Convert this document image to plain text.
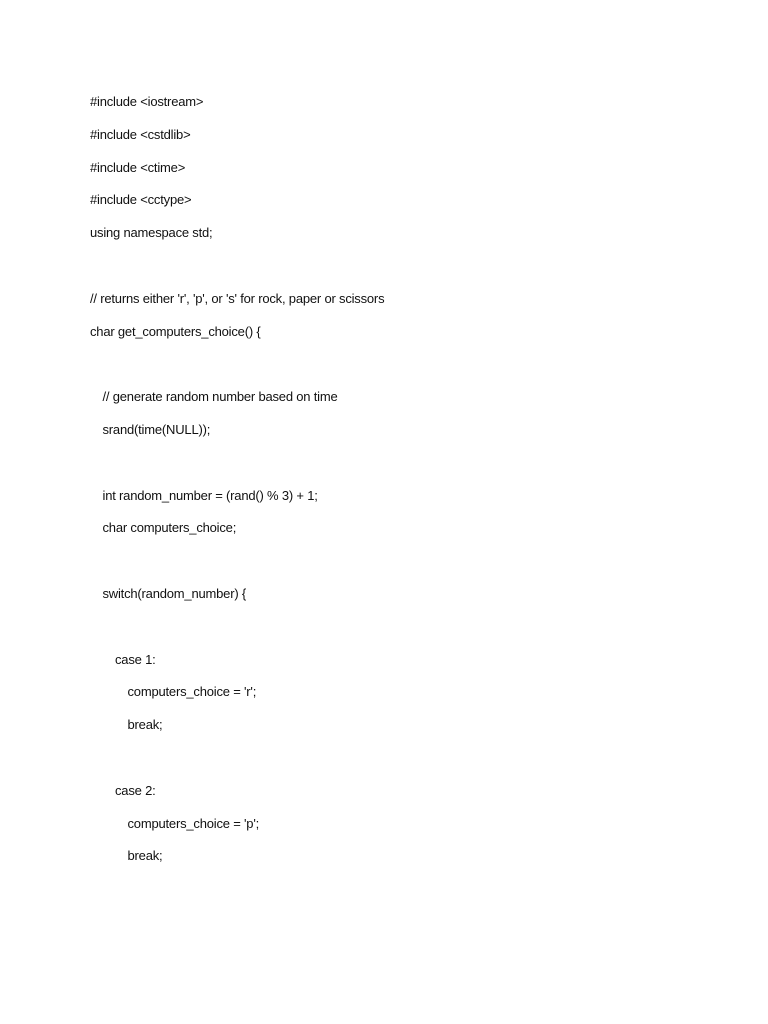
#include <iostream>
#include <cstdlib>
#include <ctime>
#include <cctype>
using namespace std;
// returns either 'r', 'p', or 's' for rock, paper or scissors
char get_computers_choice() {
// generate random number based on time
srand(time(NULL));
int random_number = (rand() % 3) + 1;
char computers_choice;
switch(random_number) {
case 1:
computers_choice = 'r';
break;
case 2:
computers_choice = 'p';
break;
